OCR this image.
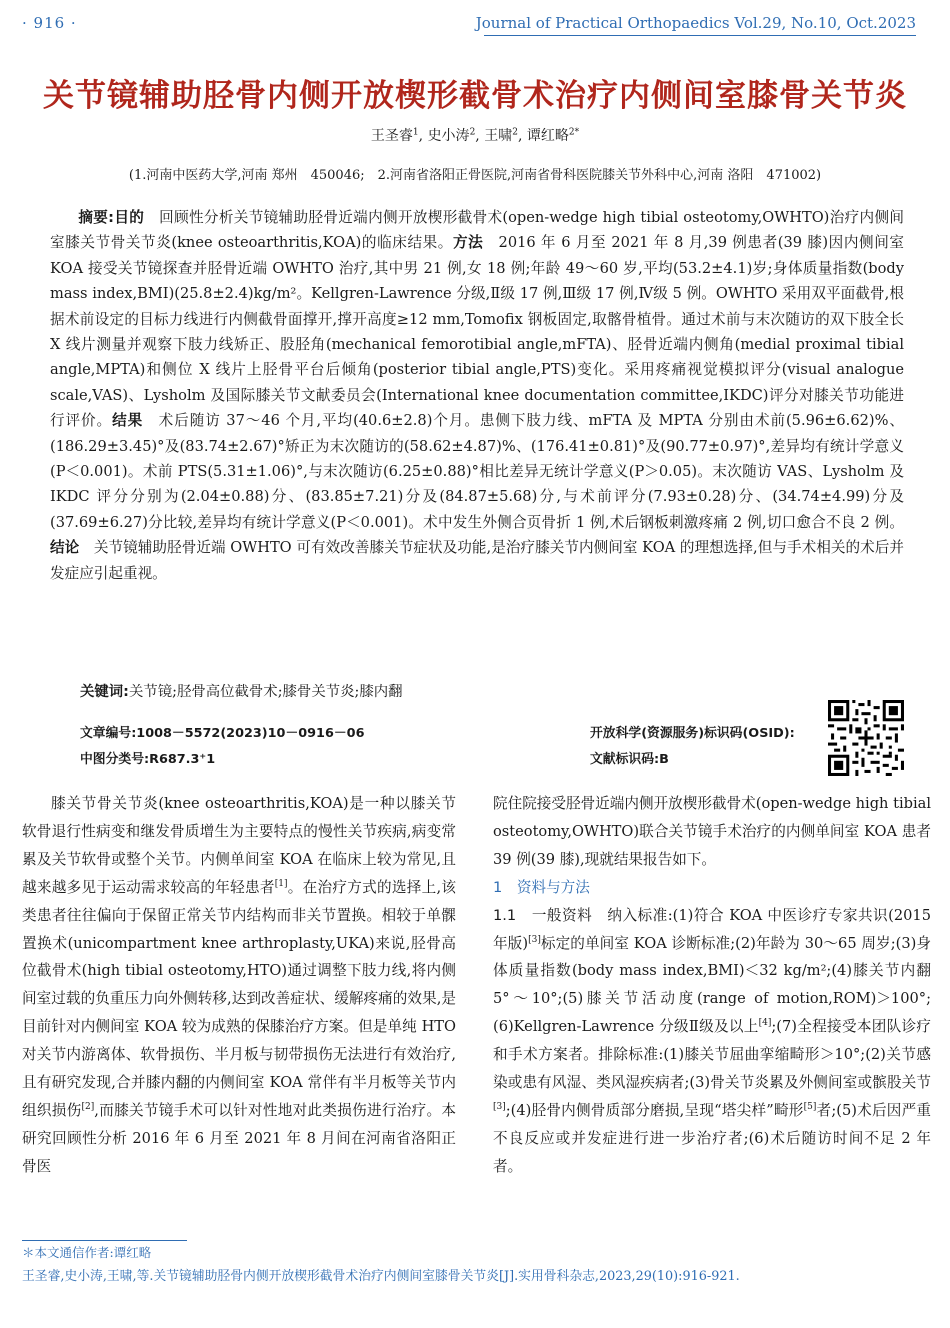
· 916 ·	Journal of Practical Orthopaedics Vol.29, No.10, Oct.2023
关节镜辅助胫骨内侧开放楔形截骨术治疗内侧间室膝骨关节炎
王圣睿$^1$, 史小涛$^2$, 王啸$^2$, 谭红略$^{2*}$
(1.河南中医药大学,河南 郑州　450046;　2.河南省洛阳正骨医院,河南省骨科医院膝关节外科中心,河南 洛阳　471002)
摘要:目的　 回顾性分析关节镜辅助胫骨近端内侧开放楔形截骨术(open-wedge high tibial osteotomy,OWHTO)治疗内侧间室膝关节骨关节炎(knee osteoarthritis,KOA)的临床结果。方法　 2016 年 6 月至 2021 年 8 月,39 例患者(39 膝)因内侧间室 KOA 接受关节镜探查并胫骨近端 OWHTO 治疗,其中男 21 例,女 18 例;年龄 49～60 岁,平均(53.2±4.1)岁;身体质量指数(body mass index,BMI)(25.8±2.4)kg/m²。Kellgren-Lawrence 分级,Ⅱ级 17 例,Ⅲ级 17 例,Ⅳ级 5 例。OWHTO 采用双平面截骨,根据术前设定的目标力线进行内侧截骨面撑开,撑开高度≥12 mm,Tomofix 钢板固定,取髂骨植骨。通过术前与末次随访的双下肢全长 X 线片测量并观察下肢力线矫正、股胫角(mechanical femorotibial angle,mFTA)、胫骨近端内侧角(medial proximal tibial angle,MPTA)和侧位 X 线片上胫骨平台后倾角(posterior tibial angle,PTS)变化。采用疼痛视觉模拟评分(visual analogue scale,VAS)、Lysholm 及国际膝关节文献委员会(International knee documentation committee,IKDC)评分对膝关节功能进行评价。结果　 术后随访 37～46 个月,平均(40.6±2.8)个月。患侧下肢力线、mFTA 及 MPTA 分别由术前(5.96±6.62)%、(186.29±3.45)°及(83.74±2.67)°矫正为末次随访的(58.62±4.87)%、(176.41±0.81)°及(90.77±0.97)°,差异均有统计学意义(P＜0.001)。术前 PTS(5.31±1.06)°,与末次随访(6.25±0.88)°相比差异无统计学意义(P＞0.05)。末次随访 VAS、Lysholm 及 IKDC 评分分别为(2.04±0.88)分、(83.85±7.21)分及(84.87±5.68)分,与术前评分(7.93±0.28)分、(34.74±4.99)分及(37.69±6.27)分比较,差异均有统计学意义(P＜0.001)。术中发生外侧合页骨折 1 例,术后钢板刺激疼痛 2 例,切口愈合不良 2 例。结论　 关节镜辅助胫骨近端 OWHTO 可有效改善膝关节症状及功能,是治疗膝关节内侧间室 KOA 的理想选择,但与手术相关的术后并发症应引起重视。
关键词:关节镜;胫骨高位截骨术;膝骨关节炎;膝内翻
文章编号:1008－5572(2023)10－0916－06
中图分类号:R687.3⁺1
开放科学(资源服务)标识码(OSID):
文献标识码:B

膝关节骨关节炎(knee osteoarthritis,KOA)是一种以膝关节软骨退行性病变和继发骨质增生为主要特点的慢性关节疾病,病变常累及关节软骨或整个关节。内侧单间室 KOA 在临床上较为常见,且越来越多见于运动需求较高的年轻患者[1]。在治疗方式的选择上,该类患者往往偏向于保留正常关节内结构而非关节置换。相较于单髁置换术(unicompartment knee arthroplasty,UKA)来说,胫骨高位截骨术(high tibial osteotomy,HTO)通过调整下肢力线,将内侧间室过载的负重压力向外侧转移,达到改善症状、缓解疼痛的效果,是目前针对内侧间室 KOA 较为成熟的保膝治疗方案。但是单纯 HTO 对关节内游离体、软骨损伤、半月板与韧带损伤无法进行有效治疗,且有研究发现,合并膝内翻的内侧间室 KOA 常伴有半月板等关节内组织损伤[2],而膝关节镜手术可以针对性地对此类损伤进行治疗。本研究回顾性分析 2016 年 6 月至 2021 年 8 月间在河南省洛阳正骨医

院住院接受胫骨近端内侧开放楔形截骨术(open-wedge high tibial osteotomy,OWHTO)联合关节镜手术治疗的内侧单间室 KOA 患者 39 例(39 膝),现就结果报告如下。

1　资料与方法

1.1　一般资料　 纳入标准:(1)符合 KOA 中医诊疗专家共识(2015 年版)[3]标定的单间室 KOA 诊断标准;(2)年龄为 30～65 周岁;(3)身体质量指数(body mass index,BMI)＜32 kg/m²;(4)膝关节内翻 5°～10°;(5)膝关节活动度(range of motion,ROM)＞100°;(6)Kellgren-Lawrence 分级Ⅱ级及以上[4];(7)全程接受本团队诊疗和手术方案者。排除标准:(1)膝关节屈曲挛缩畸形＞10°;(2)关节感染或患有风湿、类风湿疾病者;(3)骨关节炎累及外侧间室或髌股关节[3];(4)胫骨内侧骨质部分磨损,呈现“塔尖样”畸形[5]者;(5)术后因严重不良反应或并发症进行进一步治疗者;(6)术后随访时间不足 2 年者。

＊本文通信作者:谭红略
王圣睿,史小涛,王啸,等.关节镜辅助胫骨内侧开放楔形截骨术治疗内侧间室膝骨关节炎[J].实用骨科杂志,2023,29(10):916-921.
